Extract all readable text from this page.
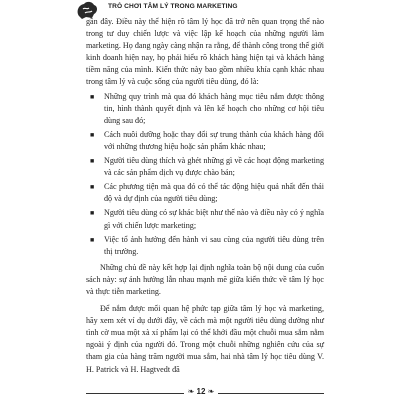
TRÒ CHƠI TÂM LÝ TRONG MARKETING

gần đây. Điều này thể hiện rõ tâm lý học đã trở nên quan trọng thế nào trong tư duy chiến lược và việc lập kế hoạch của những người làm marketing. Họ đang ngày càng nhận ra rằng, để thành công trong thế giới kinh doanh hiện nay, họ phải hiểu rõ khách hàng hiện tại và khách hàng tiềm năng của mình. Kiến thức này bao gồm nhiều khía cạnh khác nhau trong tâm lý và cuộc sống của người tiêu dùng, đó là:

■ Những quy trình mà qua đó khách hàng mục tiêu nắm được thông tin, hình thành quyết định và lên kế hoạch cho những cơ hội tiêu dùng sau đó;
■ Cách nuôi dưỡng hoặc thay đổi sự trung thành của khách hàng đối với những thương hiệu hoặc sản phẩm khác nhau;
■ Người tiêu dùng thích và ghét những gì về các hoạt động marketing và các sản phẩm dịch vụ được chào bán;
■ Các phương tiện mà qua đó có thể tác động hiệu quả nhất đến thái độ và dự định của người tiêu dùng;
■ Người tiêu dùng có sự khác biệt như thế nào và điều này có ý nghĩa gì với chiến lược marketing;
■ Việc tổ ảnh hưởng đến hành vi sau cùng của người tiêu dùng trên thị trường.

Những chủ đề này kết hợp lại định nghĩa toàn bộ nội dung của cuốn sách này: sự ảnh hưởng lẫn nhau mạnh mẽ giữa kiến thức về tâm lý học và thực tiễn marketing.

Để nắm được mối quan hệ phức tạp giữa tâm lý học và marketing, hãy xem xét ví dụ dưới đây, về cách mà một người tiêu dùng dường như tình cờ mua một xà xí phẩm lại có thể khởi đầu một chuỗi mua sắm nằm ngoài ý định của người đó. Trong một chuỗi những nghiên cứu của sự tham gia của hàng trăm người mua sắm, hai nhà tâm lý học tiêu dùng V. H. Patrick và H. Hagtvedt đã

❧ 12 ❧
